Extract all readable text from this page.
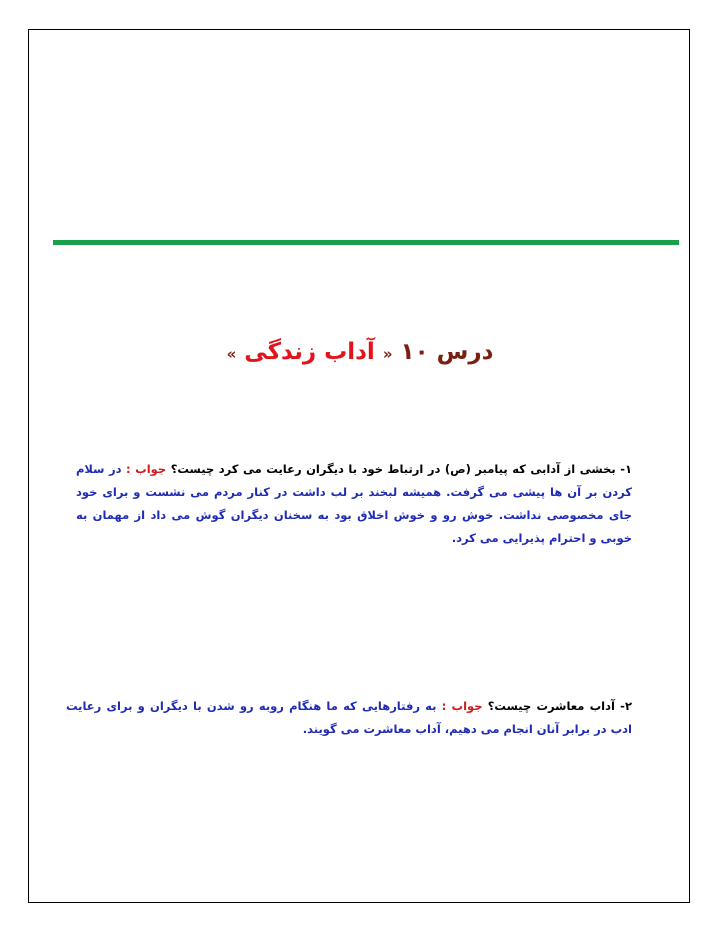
درس ۱۰ « آداب زندگی »
۱- بخشی از آدابی که پیامبر (ص) در ارتباط خود با دیگران رعایت می کرد چیست؟ جواب : در سلام کردن بر آن ها پیشی می گرفت. همیشه لبخند بر لب داشت در کنار مردم می نشست و برای خود جای مخصوصی نداشت. خوش رو و خوش اخلاق بود به سخنان دیگران گوش می داد از مهمان به خوبی و احترام پذیرایی می کرد.
۲- آداب معاشرت چیست؟ جواب : به رفتارهایی که ما هنگام روبه رو شدن با دیگران و برای رعایت ادب در برابر آنان انجام می دهیم، آداب معاشرت می گویند.
